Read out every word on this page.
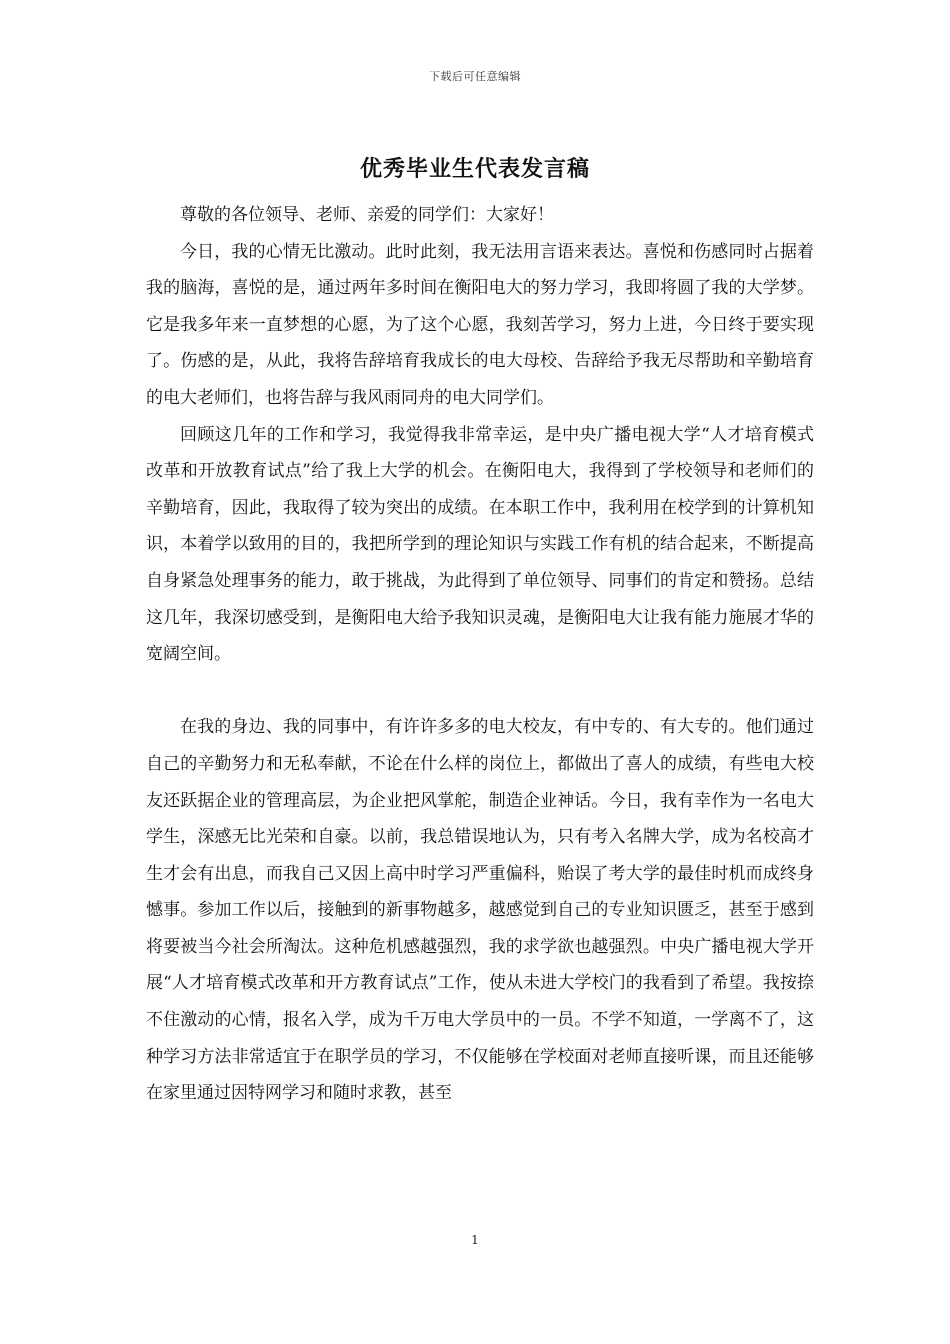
下载后可任意编辑
优秀毕业生代表发言稿

尊敬的各位领导、老师、亲爱的同学们：大家好！

今日，我的心情无比激动。此时此刻，我无法用言语来表达。喜悦和伤感同时占据着我的脑海，喜悦的是，通过两年多时间在衡阳电大的努力学习，我即将圆了我的大学梦。它是我多年来一直梦想的心愿，为了这个心愿，我刻苦学习，努力上进，今日终于要实现了。伤感的是，从此，我将告辞培育我成长的电大母校、告辞给予我无尽帮助和辛勤培育的电大老师们，也将告辞与我风雨同舟的电大同学们。

回顾这几年的工作和学习，我觉得我非常幸运，是中央广播电视大学“人才培育模式改革和开放教育试点”给了我上大学的机会。在衡阳电大，我得到了学校领导和老师们的辛勤培育，因此，我取得了较为突出的成绩。在本职工作中，我利用在校学到的计算机知识，本着学以致用的目的，我把所学到的理论知识与实践工作有机的结合起来，不断提高自身紧急处理事务的能力，敢于挑战，为此得到了单位领导、同事们的肯定和赞扬。总结这几年，我深切感受到，是衡阳电大给予我知识灵魂，是衡阳电大让我有能力施展才华的宽阔空间。

在我的身边、我的同事中，有许许多多的电大校友，有中专的、有大专的。他们通过自己的辛勤努力和无私奉献，不论在什么样的岗位上，都做出了喜人的成绩，有些电大校友还跃据企业的管理高层，为企业把风掌舵，制造企业神话。今日，我有幸作为一名电大学生，深感无比光荣和自豪。以前，我总错误地认为，只有考入名牌大学，成为名校高才生才会有出息，而我自己又因上高中时学习严重偏科，贻误了考大学的最佳时机而成终身憾事。参加工作以后，接触到的新事物越多，越感觉到自己的专业知识匮乏，甚至于感到将要被当今社会所淘汰。这种危机感越强烈，我的求学欲也越强烈。中央广播电视大学开展“人才培育模式改革和开方教育试点”工作，使从未进大学校门的我看到了希望。我按捺不住激动的心情，报名入学，成为千万电大学员中的一员。不学不知道，一学离不了，这种学习方法非常适宜于在职学员的学习，不仅能够在学校面对老师直接听课，而且还能够在家里通过因特网学习和随时求教，甚至

1
